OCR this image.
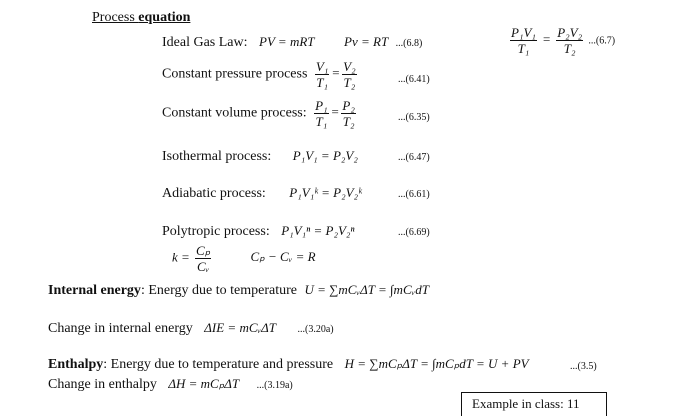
Process equation
Ideal Gas Law: PV = mRT Pv = RT ...(6.8)	$\frac{\text{P₁V₁}}{\text{T₁}} = \frac{\text{P₂V₂}}{\text{T₂}} ...(6.7)$
Constant pressure process $\frac{\text{V₁}}{\text{T₁}} = \frac{\text{V₂}}{\text{T₂}}$	...(6.41)
Constant volume process: $\frac{\text{P₁}}{\text{T₁}} = \frac{\text{P₂}}{\text{T₂}}$	...(6.35)
Isothermal process: P₁V₁ = P₂V₂	...(6.47)
Adiabatic process: P₁V₁ᵏ = P₂V₂ᵏ	...(6.61)
Polytropic process: P₁V₁ⁿ = P₂V₂ⁿ	...(6.69)
$k = \frac{\text{Cₚ}}{\text{Cᵥ}}$	Cₚ − Cᵥ = R
Internal energy: Energy due to temperature U = ∑mCᵥΔT = ∫mCᵥdT
Change in internal energy ΔIE = mCᵥΔT ...(3.20a)
Enthalpy: Energy due to temperature and pressure H = ∑mCₚΔT = ∫mCₚdT = U + PV	...(3.5)
Change in enthalpy ΔH = mCₚΔT ...(3.19a)
Example in class: 11
